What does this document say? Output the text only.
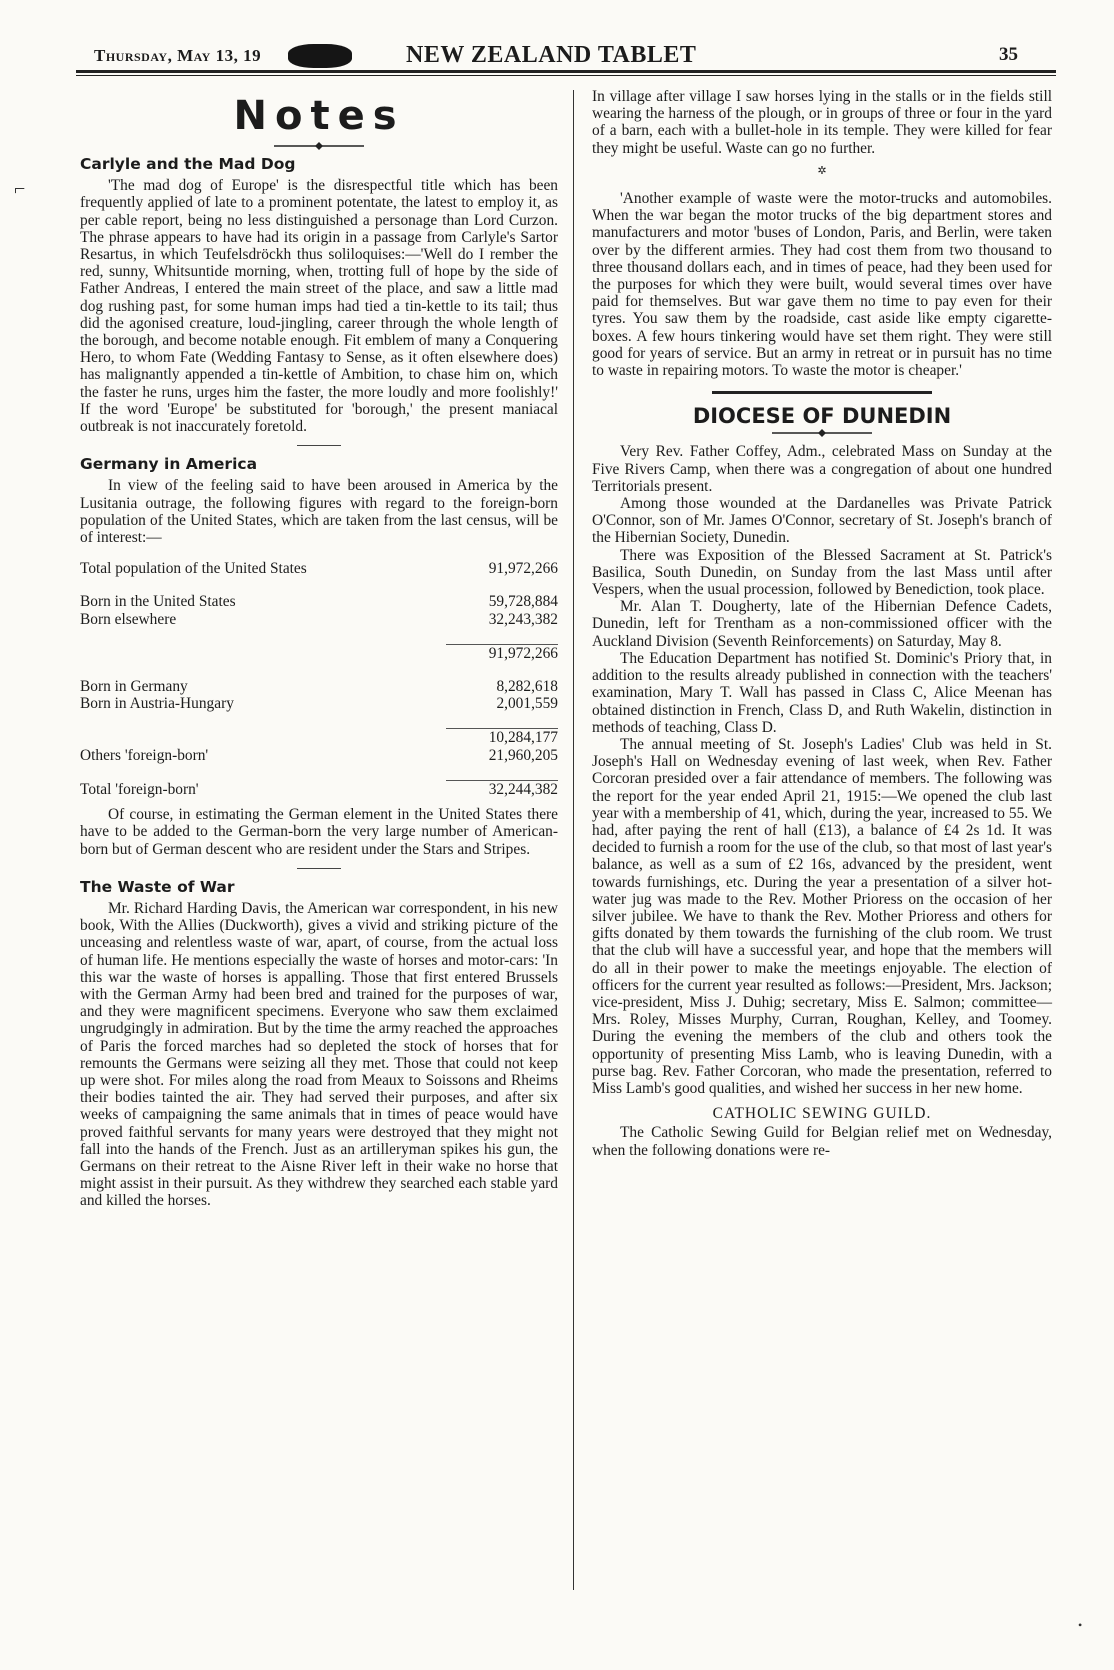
Thursday, May 13, 19	NEW ZEALAND TABLET	35
Notes
Carlyle and the Mad Dog

'The mad dog of Europe' is the disrespectful title which has been frequently applied of late to a prominent potentate, the latest to employ it, as per cable report, being no less distinguished a personage than Lord Curzon. The phrase appears to have had its origin in a passage from Carlyle's Sartor Resartus, in which Teufelsdröckh thus soliloquises:—'Well do I rember the red, sunny, Whitsuntide morning, when, trotting full of hope by the side of Father Andreas, I entered the main street of the place, and saw a little mad dog rushing past, for some human imps had tied a tin-kettle to its tail; thus did the agonised creature, loud-jingling, career through the whole length of the borough, and become notable enough. Fit emblem of many a Conquering Hero, to whom Fate (Wedding Fantasy to Sense, as it often elsewhere does) has malignantly appended a tin-kettle of Ambition, to chase him on, which the faster he runs, urges him the faster, the more loudly and more foolishly!' If the word 'Europe' be substituted for 'borough,' the present maniacal outbreak is not inaccurately foretold.

Germany in America

In view of the feeling said to have been aroused in America by the Lusitania outrage, the following figures with regard to the foreign-born population of the United States, which are taken from the last census, will be of interest:—

Total population of the United States	91,972,266

Born in the United States	59,728,884
Born elsewhere	32,243,382

	91,972,266

Born in Germany	8,282,618
Born in Austria-Hungary	2,001,559

	10,284,177
Others 'foreign-born'	21,960,205

Total 'foreign-born'	32,244,382

Of course, in estimating the German element in the United States there have to be added to the German-born the very large number of American-born but of German descent who are resident under the Stars and Stripes.

The Waste of War

Mr. Richard Harding Davis, the American war correspondent, in his new book, With the Allies (Duckworth), gives a vivid and striking picture of the unceasing and relentless waste of war, apart, of course, from the actual loss of human life. He mentions especially the waste of horses and motor-cars: 'In this war the waste of horses is appalling. Those that first entered Brussels with the German Army had been bred and trained for the purposes of war, and they were magnificent specimens. Everyone who saw them exclaimed ungrudgingly in admiration. But by the time the army reached the approaches of Paris the forced marches had so depleted the stock of horses that for remounts the Germans were seizing all they met. Those that could not keep up were shot. For miles along the road from Meaux to Soissons and Rheims their bodies tainted the air. They had served their purposes, and after six weeks of campaigning the same animals that in times of peace would have proved faithful servants for many years were destroyed that they might not fall into the hands of the French. Just as an artilleryman spikes his gun, the Germans on their retreat to the Aisne River left in their wake no horse that might assist in their pursuit. As they withdrew they searched each stable yard and killed the horses.

In village after village I saw horses lying in the stalls or in the fields still wearing the harness of the plough, or in groups of three or four in the yard of a barn, each with a bullet-hole in its temple. They were killed for fear they might be useful. Waste can go no further.

✲

'Another example of waste were the motor-trucks and automobiles. When the war began the motor trucks of the big department stores and manufacturers and motor 'buses of London, Paris, and Berlin, were taken over by the different armies. They had cost them from two thousand to three thousand dollars each, and in times of peace, had they been used for the purposes for which they were built, would several times over have paid for themselves. But war gave them no time to pay even for their tyres. You saw them by the roadside, cast aside like empty cigarette-boxes. A few hours tinkering would have set them right. They were still good for years of service. But an army in retreat or in pursuit has no time to waste in repairing motors. To waste the motor is cheaper.'

DIOCESE OF DUNEDIN

Very Rev. Father Coffey, Adm., celebrated Mass on Sunday at the Five Rivers Camp, when there was a congregation of about one hundred Territorials present.

Among those wounded at the Dardanelles was Private Patrick O'Connor, son of Mr. James O'Connor, secretary of St. Joseph's branch of the Hibernian Society, Dunedin.

There was Exposition of the Blessed Sacrament at St. Patrick's Basilica, South Dunedin, on Sunday from the last Mass until after Vespers, when the usual procession, followed by Benediction, took place.

Mr. Alan T. Dougherty, late of the Hibernian Defence Cadets, Dunedin, left for Trentham as a non-commissioned officer with the Auckland Division (Seventh Reinforcements) on Saturday, May 8.

The Education Department has notified St. Dominic's Priory that, in addition to the results already published in connection with the teachers' examination, Mary T. Wall has passed in Class C, Alice Meenan has obtained distinction in French, Class D, and Ruth Wakelin, distinction in methods of teaching, Class D.

The annual meeting of St. Joseph's Ladies' Club was held in St. Joseph's Hall on Wednesday evening of last week, when Rev. Father Corcoran presided over a fair attendance of members. The following was the report for the year ended April 21, 1915:—We opened the club last year with a membership of 41, which, during the year, increased to 55. We had, after paying the rent of hall (£13), a balance of £4 2s 1d. It was decided to furnish a room for the use of the club, so that most of last year's balance, as well as a sum of £2 16s, advanced by the president, went towards furnishings, etc. During the year a presentation of a silver hot-water jug was made to the Rev. Mother Prioress on the occasion of her silver jubilee. We have to thank the Rev. Mother Prioress and others for gifts donated by them towards the furnishing of the club room. We trust that the club will have a successful year, and hope that the members will do all in their power to make the meetings enjoyable. The election of officers for the current year resulted as follows:—President, Mrs. Jackson; vice-president, Miss J. Duhig; secretary, Miss E. Salmon; committee—Mrs. Roley, Misses Murphy, Curran, Roughan, Kelley, and Toomey. During the evening the members of the club and others took the opportunity of presenting Miss Lamb, who is leaving Dunedin, with a purse bag. Rev. Father Corcoran, who made the presentation, referred to Miss Lamb's good qualities, and wished her success in her new home.

CATHOLIC SEWING GUILD.

The Catholic Sewing Guild for Belgian relief met on Wednesday, when the following donations were re-

⌐
•
